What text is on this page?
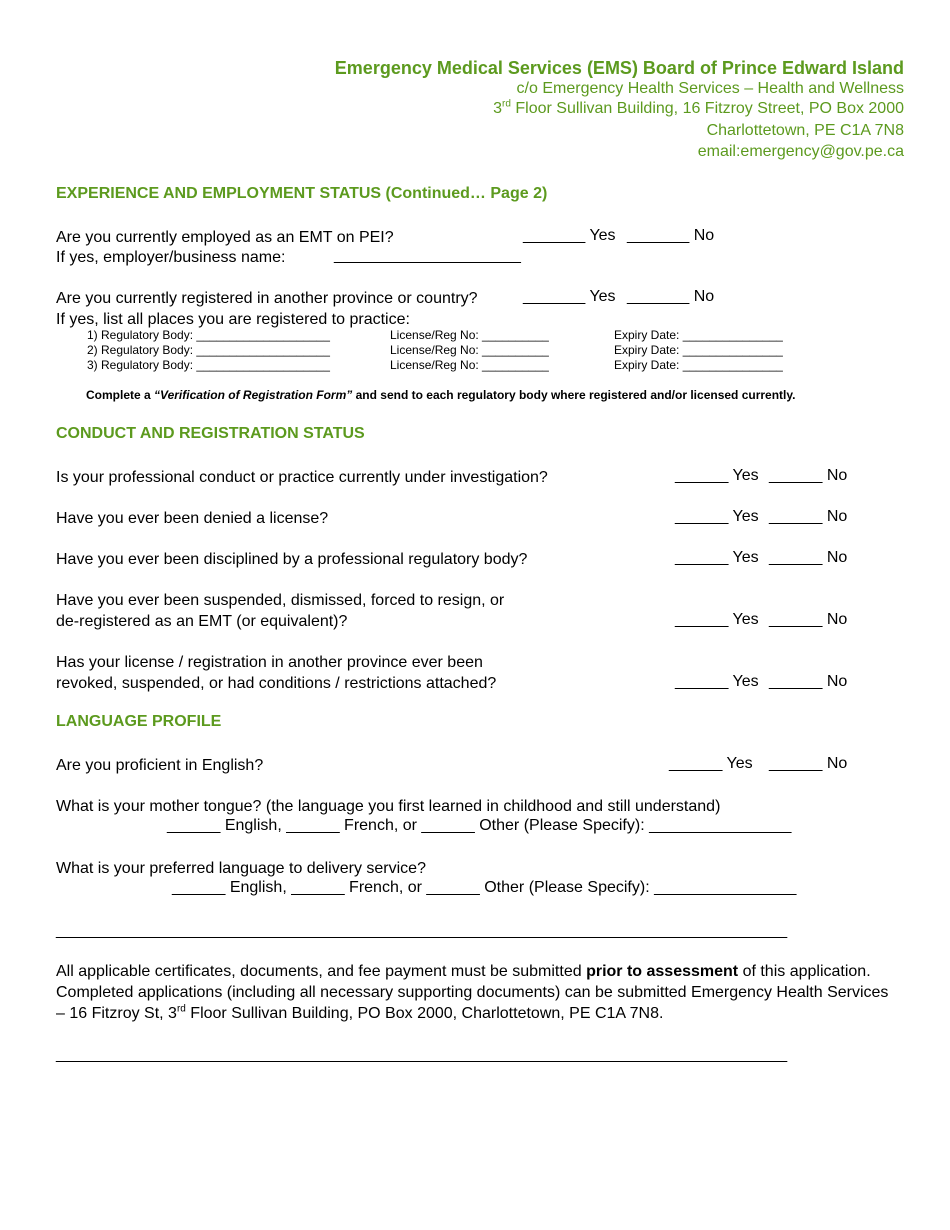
Emergency Medical Services (EMS) Board of Prince Edward Island
c/o Emergency Health Services – Health and Wellness
3rd Floor Sullivan Building, 16 Fitzroy Street, PO Box 2000
Charlottetown, PE C1A 7N8
email:emergency@gov.pe.ca
EXPERIENCE AND EMPLOYMENT STATUS (Continued… Page 2)
Are you currently employed as an EMT on PEI?	_______ Yes _______ No
If yes, employer/business name:	_____________________
Are you currently registered in another province or country?	_______ Yes _______ No
If yes, list all places you are registered to practice:
1) Regulatory Body: ____________________	License/Reg No: __________	Expiry Date: _______________
2) Regulatory Body: ____________________	License/Reg No: __________	Expiry Date: _______________
3) Regulatory Body: ____________________	License/Reg No: __________	Expiry Date: _______________
Complete a “Verification of Registration Form” and send to each regulatory body where registered and/or licensed currently.
CONDUCT AND REGISTRATION STATUS
Is your professional conduct or practice currently under investigation?	______ Yes ______ No
Have you ever been denied a license?	______ Yes ______ No
Have you ever been disciplined by a professional regulatory body?	______ Yes ______ No
Have you ever been suspended, dismissed, forced to resign, or
de-registered as an EMT (or equivalent)?	______ Yes ______ No
Has your license / registration in another province ever been
revoked, suspended, or had conditions / restrictions attached?	______ Yes ______ No
LANGUAGE PROFILE
Are you proficient in English?	______ Yes ______ No
What is your mother tongue? (the language you first learned in childhood and still understand)
______ English, ______ French, or ______ Other (Please Specify): ________________
What is your preferred language to delivery service?
______ English, ______ French, or ______ Other (Please Specify): ________________
_____________________________________________________________________________________
All applicable certificates, documents, and fee payment must be submitted prior to assessment of this application. Completed applications (including all necessary supporting documents) can be submitted Emergency Health Services – 16 Fitzroy St, 3rd Floor Sullivan Building, PO Box 2000, Charlottetown, PE C1A 7N8.
_____________________________________________________________________________________
